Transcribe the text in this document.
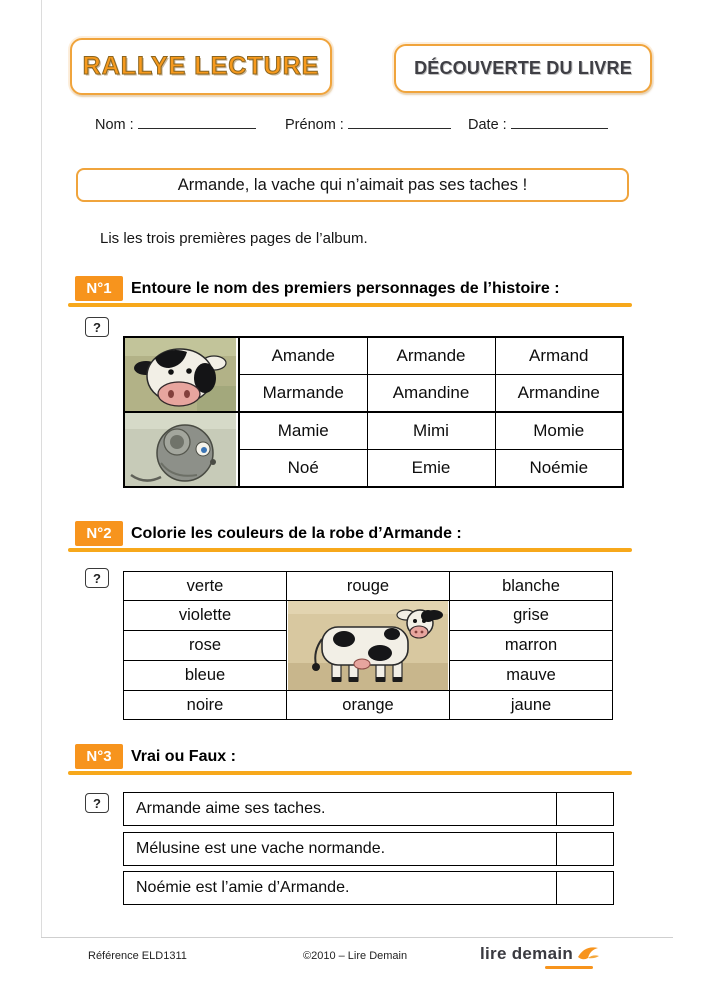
RALLYE LECTURE	DÉCOUVERTE DU LIVRE
Nom :	Prénom :	Date :
Armande, la vache qui n’aimait pas ses taches !
Lis les trois premières pages de l’album.
N°1	Entoure le nom des premiers personnages de l’histoire :
?
	Amande	Armande	Armand
	Marmande	Amandine	Armandine

	Mamie	Mimi	Momie
	Noé	Emie	Noémie
N°2	Colorie les couleurs de la robe d’Armande :
?	verte	rouge	blanche
violette		grise
rose		marron
bleue		mauve
noire	orange	jaune
N°3	Vrai ou Faux :
?	Armande aime ses taches.
Mélusine est une vache normande.
Noémie est l’amie d’Armande.
Référence ELD1311	©2010 – Lire Demain	lire demain
